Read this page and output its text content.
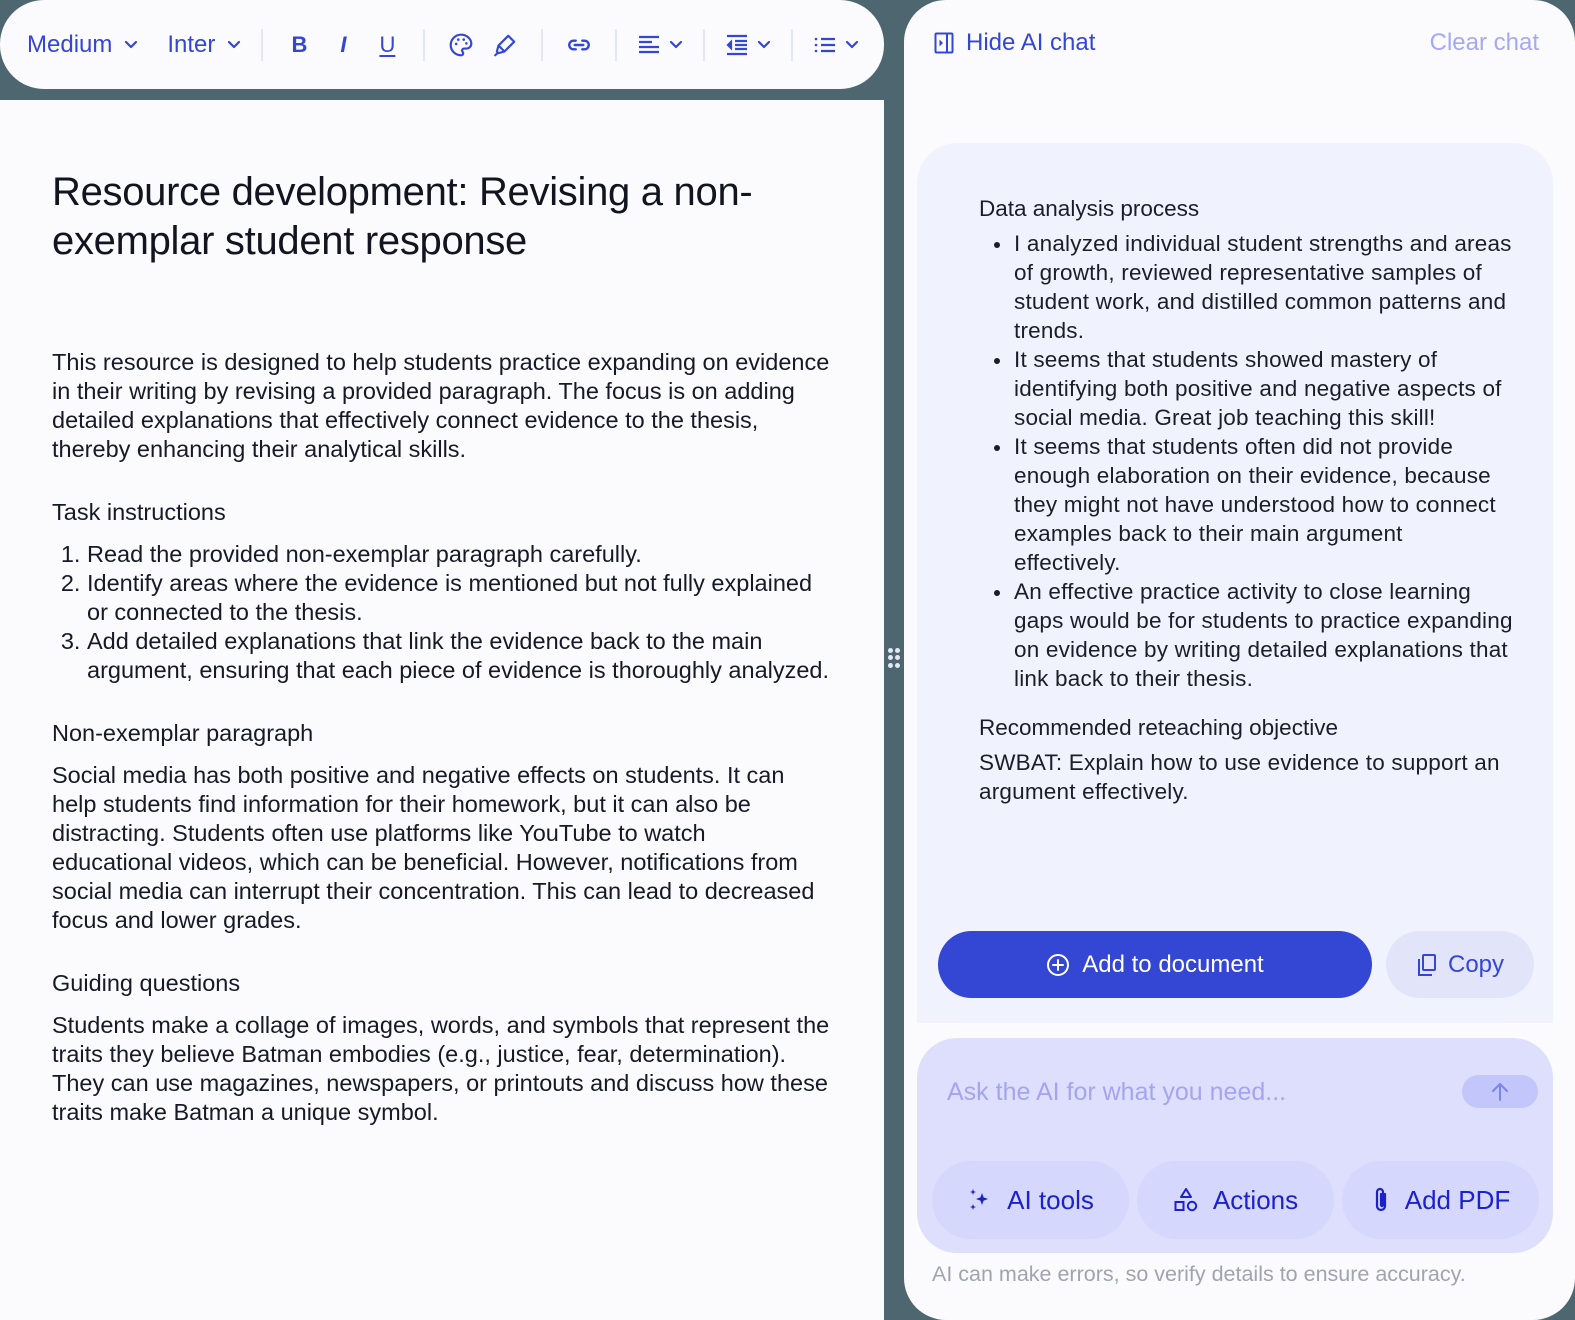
Medium Inter	B I U
Resource development: Revising a non-exemplar student response

This resource is designed to help students practice expanding on evidence in their writing by revising a provided paragraph. The focus is on adding detailed explanations that effectively connect evidence to the thesis, thereby enhancing their analytical skills.

Task instructions
1. Read the provided non-exemplar paragraph carefully.
2. Identify areas where the evidence is mentioned but not fully explained or connected to the thesis.
3. Add detailed explanations that link the evidence back to the main argument, ensuring that each piece of evidence is thoroughly analyzed.
Non-exemplar paragraph

Social media has both positive and negative effects on students. It can help students find information for their homework, but it can also be distracting. Students often use platforms like YouTube to watch educational videos, which can be beneficial. However, notifications from social media can interrupt their concentration. This can lead to decreased focus and lower grades.

Guiding questions

Students make a collage of images, words, and symbols that represent the traits they believe Batman embodies (e.g., justice, fear, determination). They can use magazines, newspapers, or printouts and discuss how these traits make Batman a unique symbol.

Hide AI chat	Clear chat
Data analysis process
I analyzed individual student strengths and areas of growth, reviewed representative samples of student work, and distilled common patterns and trends.
It seems that students showed mastery of identifying both positive and negative aspects of social media. Great job teaching this skill!
It seems that students often did not provide enough elaboration on their evidence, because they might not have understood how to connect examples back to their main argument effectively.
An effective practice activity to close learning gaps would be for students to practice expanding on evidence by writing detailed explanations that link back to their thesis.
Recommended reteaching objective
SWBAT: Explain how to use evidence to support an argument effectively.
Add to document	Copy
Ask the AI for what you need...
AI tools	Actions	Add PDF
AI can make errors, so verify details to ensure accuracy.
